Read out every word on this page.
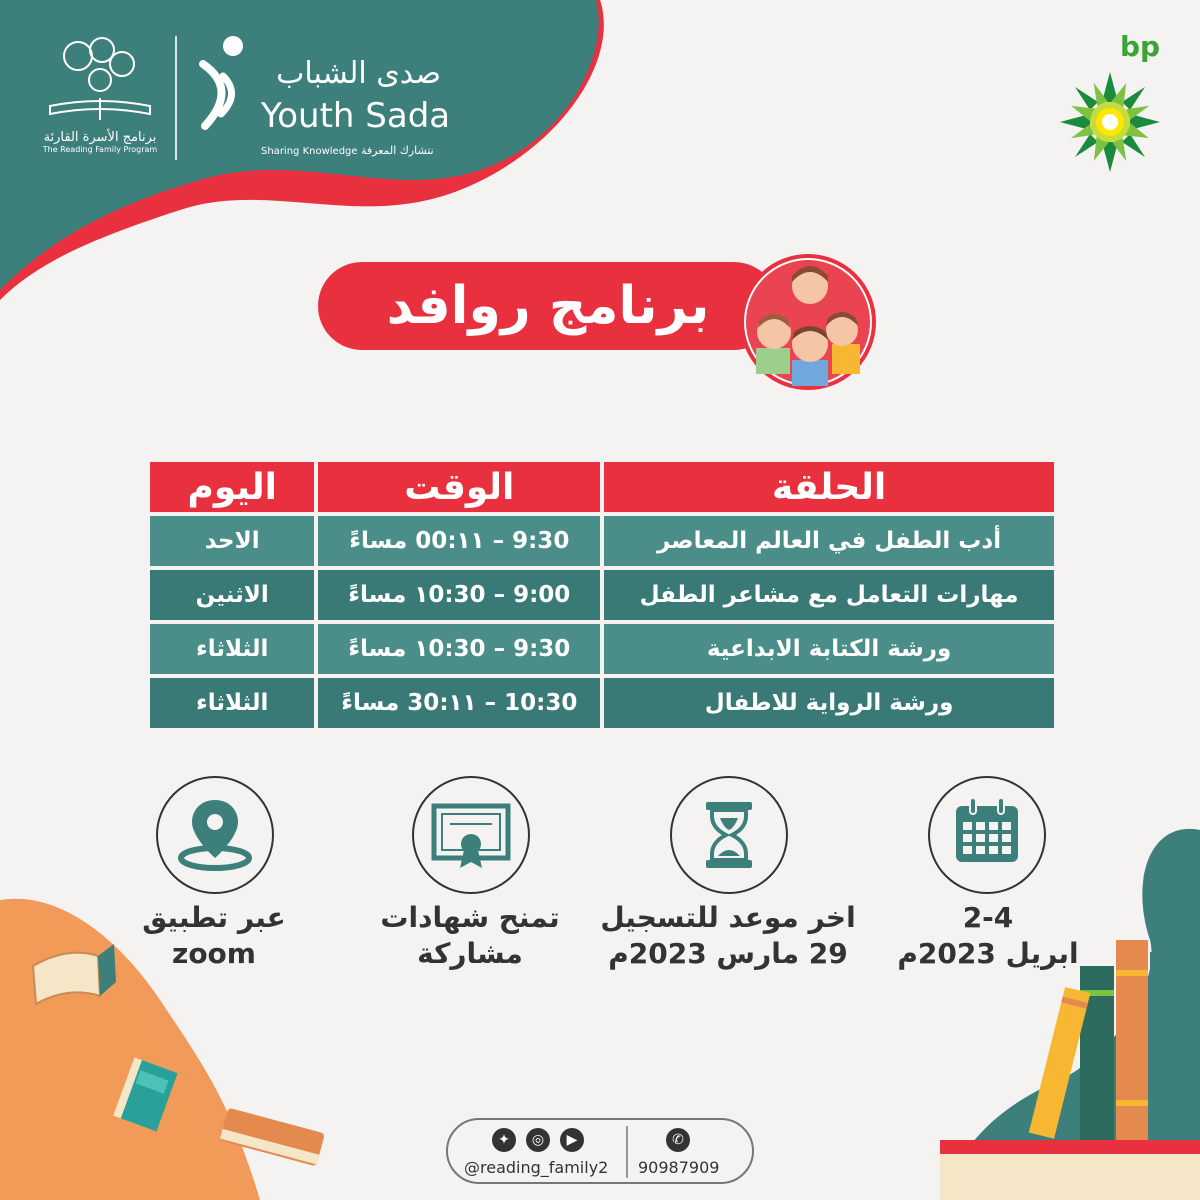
برنامج الأسرة القارئة
The Reading Family Program
صدى الشباب
Youth Sada
Sharing Knowledge نتشارك المعرفة
bp
برنامج روافد
الحلقة	الوقت	اليوم
أدب الطفل في العالم المعاصر	9:30 – ١١:00 مساءً	الاحد
مهارات التعامل مع مشاعر الطفل	9:00 – ١0:30 مساءً	الاثنين
ورشة الكتابة الابداعية	9:30 – ١0:30 مساءً	الثلاثاء
ورشة الرواية للاطفال	10:30 – ١١:30 مساءً	الثلاثاء
عبر تطبيق
zoom
تمنح شهادات
مشاركة
اخر موعد للتسجيل
29 مارس 2023م
2-4
ابريل 2023م
✦	◎	▶
@reading_family2
✆
90987909
